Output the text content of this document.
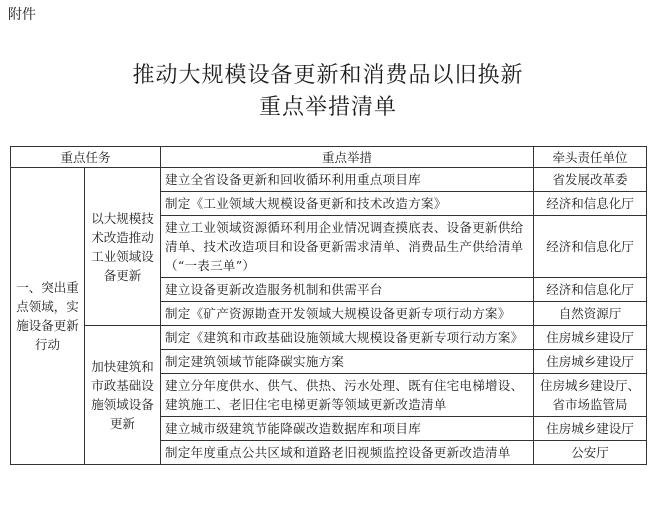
附件
推动大规模设备更新和消费品以旧换新
重点举措清单
重点任务		重点举措	牵头责任单位
一、突出重点领域，实施设备更新行动	以大规模技术改造推动工业领域设备更新	建立全省设备更新和回收循环利用重点项目库	省发展改革委
		制定《工业领域大规模设备更新和技术改造方案》	经济和信息化厅
		建立工业领域资源循环利用企业情况调查摸底表、设备更新供给清单、技术改造项目和设备更新需求清单、消费品生产供给清单（“一表三单”）	经济和信息化厅
		建立设备更新改造服务机制和供需平台	经济和信息化厅
		制定《矿产资源勘查开发领域大规模设备更新专项行动方案》	自然资源厅
	加快建筑和市政基础设施领域设备更新	制定《建筑和市政基础设施领域大规模设备更新专项行动方案》	住房城乡建设厅
		制定建筑领域节能降碳实施方案	住房城乡建设厅
		建立分年度供水、供气、供热、污水处理、既有住宅电梯增设、建筑施工、老旧住宅电梯更新等领域更新改造清单	住房城乡建设厅、省市场监管局
		建立城市级建筑节能降碳改造数据库和项目库	住房城乡建设厅
		制定年度重点公共区域和道路老旧视频监控设备更新改造清单	公安厅
